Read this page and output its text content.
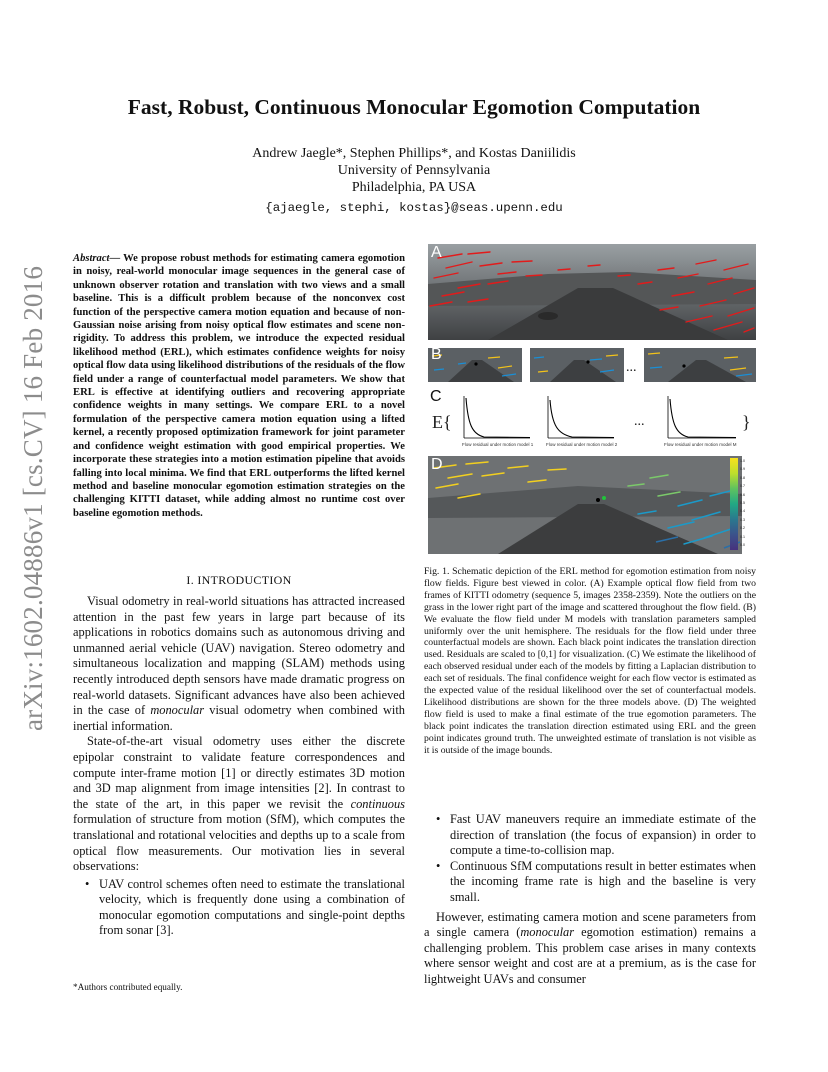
arXiv:1602.04886v1 [cs.CV] 16 Feb 2016
Fast, Robust, Continuous Monocular Egomotion Computation
Andrew Jaegle*, Stephen Phillips*, and Kostas Daniilidis
University of Pennsylvania
Philadelphia, PA USA
{ajaegle, stephi, kostas}@seas.upenn.edu
Abstract— We propose robust methods for estimating camera egomotion in noisy, real-world monocular image sequences in the general case of unknown observer rotation and translation with two views and a small baseline. This is a difficult problem because of the nonconvex cost function of the perspective camera motion equation and because of non-Gaussian noise arising from noisy optical flow estimates and scene non-rigidity. To address this problem, we introduce the expected residual likelihood method (ERL), which estimates confidence weights for noisy optical flow data using likelihood distributions of the residuals of the flow field under a range of counterfactual model parameters. We show that ERL is effective at identifying outliers and recovering appropriate confidence weights in many settings. We compare ERL to a novel formulation of the perspective camera motion equation using a lifted kernel, a recently proposed optimization framework for joint parameter and confidence weight estimation with good empirical properties. We incorporate these strategies into a motion estimation pipeline that avoids falling into local minima. We find that ERL outperforms the lifted kernel method and baseline monocular egomotion estimation strategies on the challenging KITTI dataset, while adding almost no runtime cost over baseline egomotion methods.
I. INTRODUCTION

Visual odometry in real-world situations has attracted increased attention in the past few years in large part because of its applications in robotics domains such as autonomous driving and unmanned aerial vehicle (UAV) navigation. Stereo odometry and simultaneous localization and mapping (SLAM) methods using recently introduced depth sensors have made dramatic progress on real-world datasets. Significant advances have also been achieved in the case of monocular visual odometry when combined with inertial information.

State-of-the-art visual odometry uses either the discrete epipolar constraint to validate feature correspondences and compute inter-frame motion [1] or directly estimates 3D motion and 3D map alignment from image intensities [2]. In contrast to the state of the art, in this paper we revisit the continuous formulation of structure from motion (SfM), which computes the translational and rotational velocities and depths up to a scale from optical flow measurements. Our motivation lies in several observations:

• UAV control schemes often need to estimate the translational velocity, which is frequently done using a combination of monocular egomotion computations and single-point depths from sonar [3].
*Authors contributed equally.
A
B
...
C
E{
Flow residual under motion model 1	Flow residual under motion model 2
...
Flow residual under motion model M
}
D	1.0
0.9
0.8
0.7
0.6
0.5
0.4
0.3
0.2
0.1
0.0
Fig. 1. Schematic depiction of the ERL method for egomotion estimation from noisy flow fields. Figure best viewed in color. (A) Example optical flow field from two frames of KITTI odometry (sequence 5, images 2358-2359). Note the outliers on the grass in the lower right part of the image and scattered throughout the flow field. (B) We evaluate the flow field under M models with translation parameters sampled uniformly over the unit hemisphere. The residuals for the flow field under three counterfactual models are shown. Each black point indicates the translation direction used. Residuals are scaled to [0,1] for visualization. (C) We estimate the likelihood of each observed residual under each of the models by fitting a Laplacian distribution to each set of residuals. The final confidence weight for each flow vector is estimated as the expected value of the residual likelihood over the set of counterfactual models. Likelihood distributions are shown for the three models above. (D) The weighted flow field is used to make a final estimate of the true egomotion parameters. The black point indicates the translation direction estimated using ERL and the green point indicates ground truth. The unweighted estimate of translation is not visible as it is outside of the image bounds.
• Fast UAV maneuvers require an immediate estimate of the direction of translation (the focus of expansion) in order to compute a time-to-collision map.
• Continuous SfM computations result in better estimates when the incoming frame rate is high and the baseline is very small.

However, estimating camera motion and scene parameters from a single camera (monocular egomotion estimation) remains a challenging problem. This problem case arises in many contexts where sensor weight and cost are at a premium, as is the case for lightweight UAVs and consumer
